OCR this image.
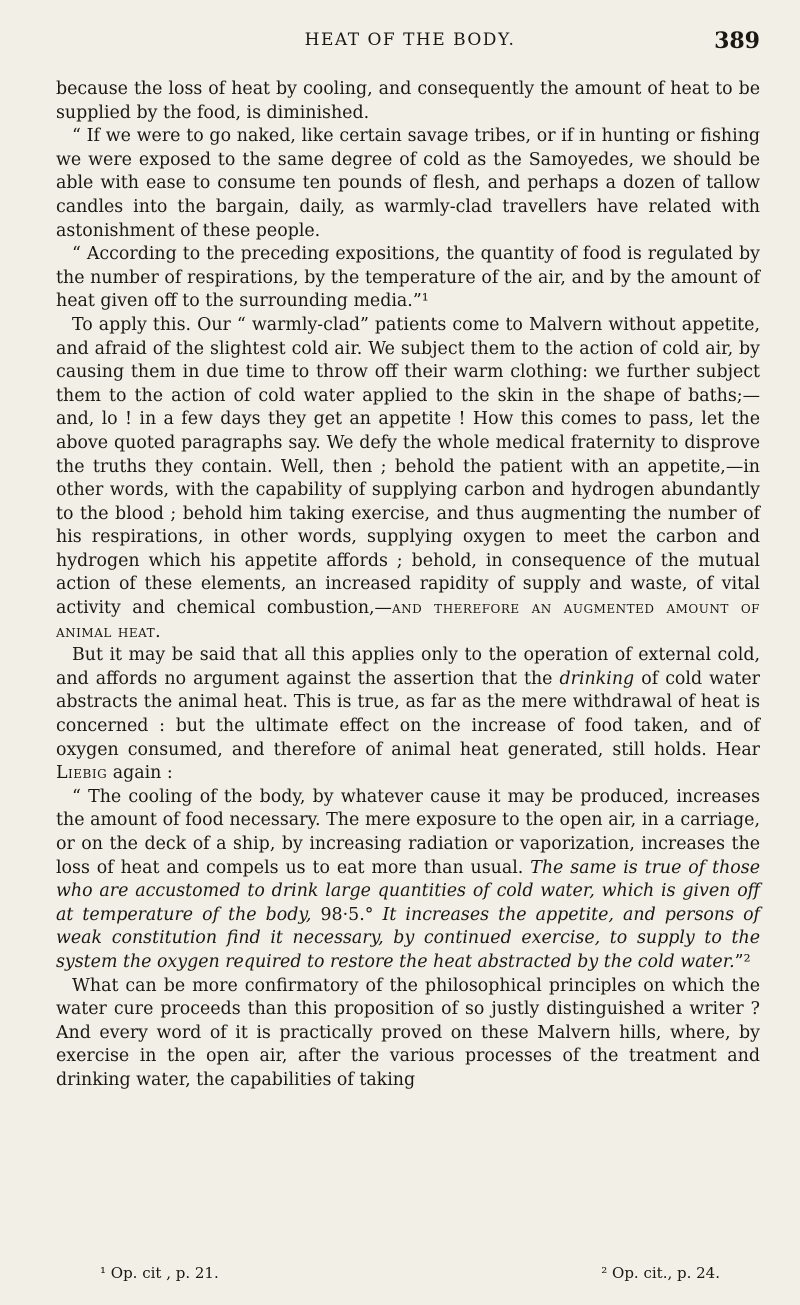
HEAT OF THE BODY.	389

because the loss of heat by cooling, and consequently the amount of heat to be supplied by the food, is diminished.

“ If we were to go naked, like certain savage tribes, or if in hunting or fishing we were exposed to the same degree of cold as the Samoyedes, we should be able with ease to consume ten pounds of flesh, and perhaps a dozen of tallow candles into the bargain, daily, as warmly-clad travellers have related with astonishment of these people.

“ According to the preceding expositions, the quantity of food is regulated by the number of respirations, by the temperature of the air, and by the amount of heat given off to the surrounding media.”¹

To apply this. Our “ warmly-clad” patients come to Malvern without appetite, and afraid of the slightest cold air. We subject them to the action of cold air, by causing them in due time to throw off their warm clothing: we further subject them to the action of cold water applied to the skin in the shape of baths;—and, lo ! in a few days they get an appetite ! How this comes to pass, let the above quoted paragraphs say. We defy the whole medical fraternity to disprove the truths they contain. Well, then ; behold the patient with an appetite,—in other words, with the capability of supplying carbon and hydrogen abundantly to the blood ; behold him taking exercise, and thus augmenting the number of his respirations, in other words, supplying oxygen to meet the carbon and hydrogen which his appetite affords ; behold, in consequence of the mutual action of these elements, an increased rapidity of supply and waste, of vital activity and chemical combustion,—and therefore an augmented amount of animal heat.

But it may be said that all this applies only to the operation of external cold, and affords no argument against the assertion that the drinking of cold water abstracts the animal heat. This is true, as far as the mere withdrawal of heat is concerned : but the ultimate effect on the increase of food taken, and of oxygen consumed, and therefore of animal heat generated, still holds. Hear Liebig again :

“ The cooling of the body, by whatever cause it may be produced, increases the amount of food necessary. The mere exposure to the open air, in a carriage, or on the deck of a ship, by increasing radiation or vaporization, increases the loss of heat and compels us to eat more than usual. The same is true of those who are accustomed to drink large quantities of cold water, which is given off at temperature of the body, 98·5.° It increases the appetite, and persons of weak constitution find it necessary, by continued exercise, to supply to the system the oxygen required to restore the heat abstracted by the cold water.”²

What can be more confirmatory of the philosophical principles on which the water cure proceeds than this proposition of so justly distinguished a writer ? And every word of it is practically proved on these Malvern hills, where, by exercise in the open air, after the various processes of the treatment and drinking water, the capabilities of taking

¹ Op. cit , p. 21.	² Op. cit., p. 24.
